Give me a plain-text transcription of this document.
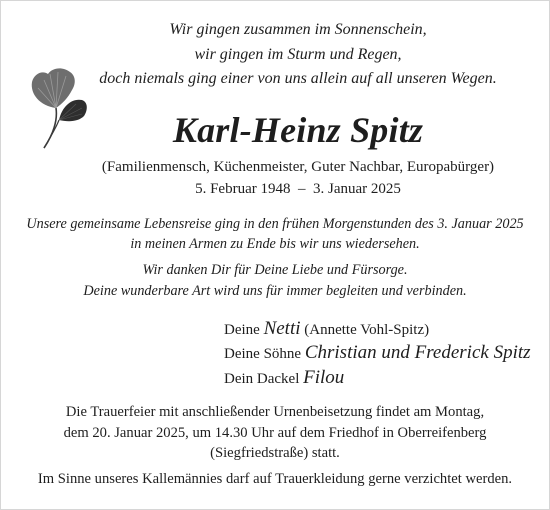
Wir gingen zusammen im Sonnenschein,
wir gingen im Sturm und Regen,
doch niemals ging einer von uns allein auf all unseren Wegen.
Karl-Heinz Spitz
(Familienmensch, Küchenmeister, Guter Nachbar, Europabürger)
5. Februar 1948 – 3. Januar 2025
Unsere gemeinsame Lebensreise ging in den frühen Morgenstunden des 3. Januar 2025
in meinen Armen zu Ende bis wir uns wiedersehen.
Wir danken Dir für Deine Liebe und Fürsorge.
Deine wunderbare Art wird uns für immer begleiten und verbinden.
Deine Netti (Annette Vohl-Spitz)
Deine Söhne Christian und Frederick Spitz
Dein Dackel Filou
Die Trauerfeier mit anschließender Urnenbeisetzung findet am Montag,
dem 20. Januar 2025, um 14.30 Uhr auf dem Friedhof in Oberreifenberg
(Siegfriedstraße) statt.
Im Sinne unseres Kallemännies darf auf Trauerkleidung gerne verzichtet werden.
